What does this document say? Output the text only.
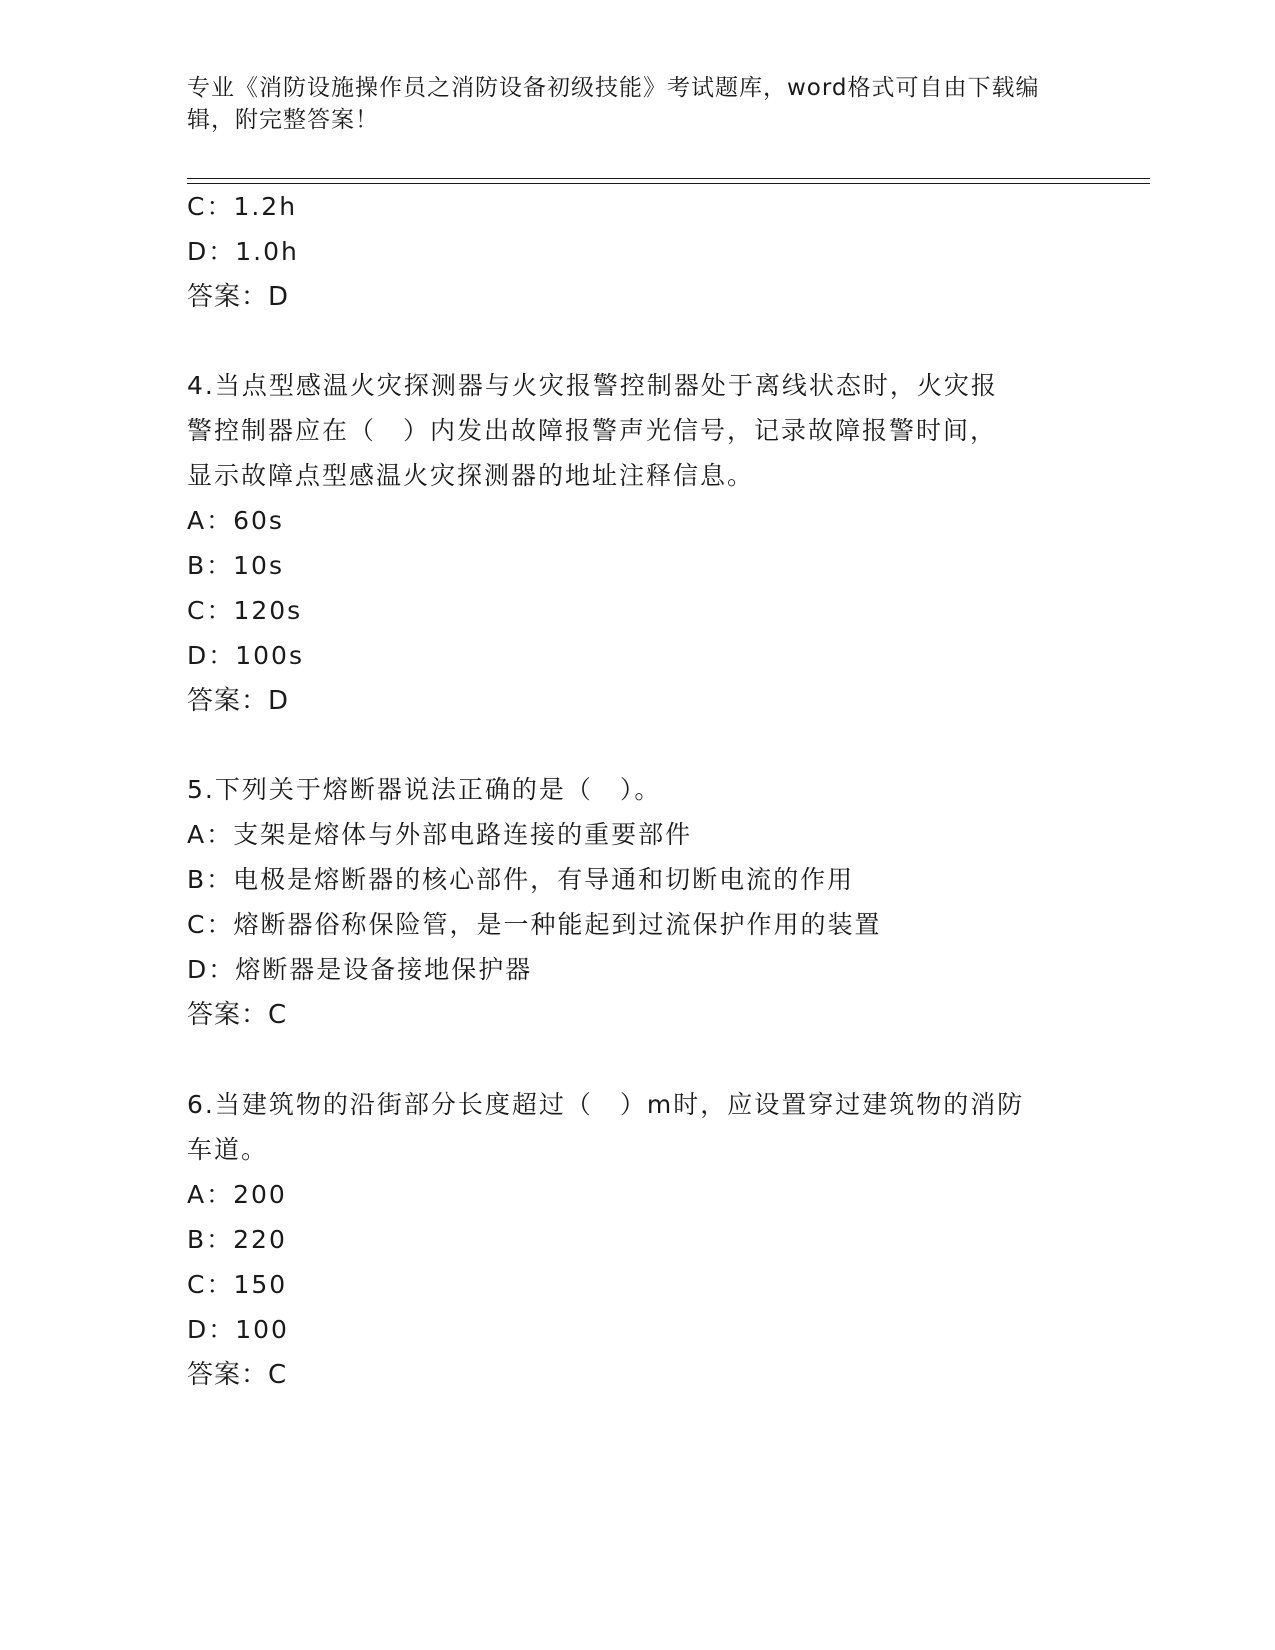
专业《消防设施操作员之消防设备初级技能》考试题库，word格式可自由下载编
辑，附完整答案！
C：1.2h
D：1.0h
答案：D
4.当点型感温火灾探测器与火灾报警控制器处于离线状态时，火灾报
警控制器应在（　）内发出故障报警声光信号，记录故障报警时间，
显示故障点型感温火灾探测器的地址注释信息。
A：60s
B：10s
C：120s
D：100s
答案：D
5.下列关于熔断器说法正确的是（　）。
A：支架是熔体与外部电路连接的重要部件
B：电极是熔断器的核心部件，有导通和切断电流的作用
C：熔断器俗称保险管，是一种能起到过流保护作用的装置
D：熔断器是设备接地保护器
答案：C
6.当建筑物的沿街部分长度超过（　）m时，应设置穿过建筑物的消防
车道。
A：200
B：220
C：150
D：100
答案：C
